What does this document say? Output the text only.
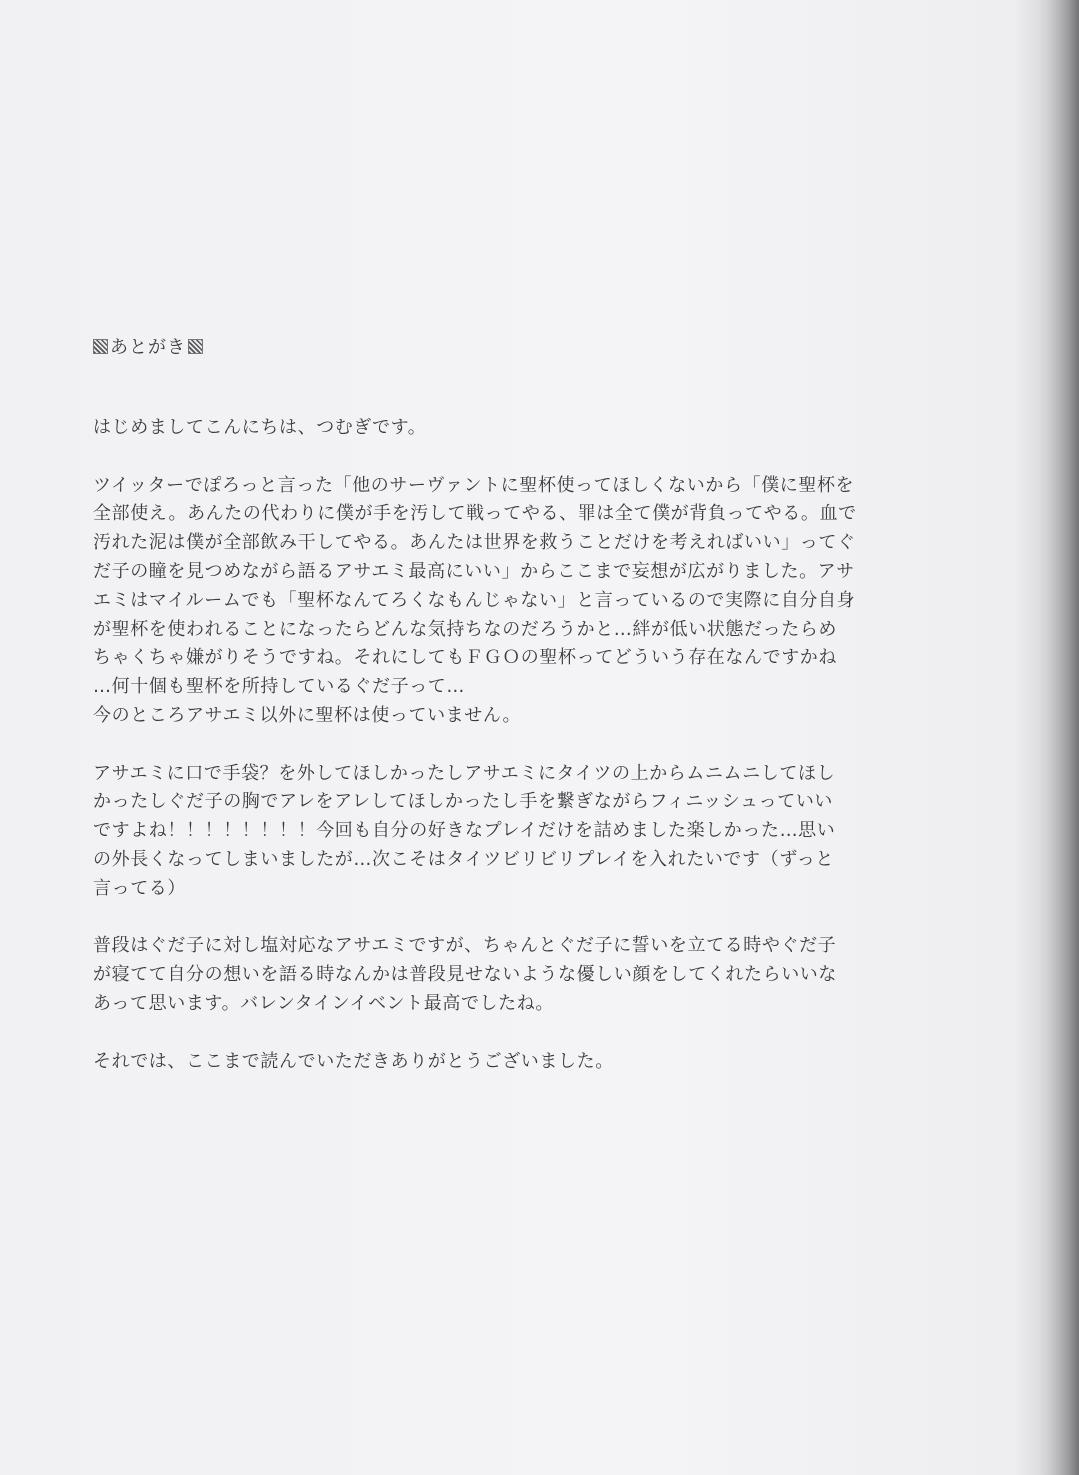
あとがき

はじめましてこんにちは、つむぎです。

ツイッターでぽろっと言った「他のサーヴァントに聖杯使ってほしくないから「僕に聖杯を
全部使え。あんたの代わりに僕が手を汚して戦ってやる、罪は全て僕が背負ってやる。血で
汚れた泥は僕が全部飲み干してやる。あんたは世界を救うことだけを考えればいい」ってぐ
だ子の瞳を見つめながら語るアサエミ最高にいい」からここまで妄想が広がりました。アサ
エミはマイルームでも「聖杯なんてろくなもんじゃない」と言っているので実際に自分自身
が聖杯を使われることになったらどんな気持ちなのだろうかと…絆が低い状態だったらめ
ちゃくちゃ嫌がりそうですね。それにしてもＦＧＯの聖杯ってどういう存在なんですかね
…何十個も聖杯を所持しているぐだ子って…
今のところアサエミ以外に聖杯は使っていません。

アサエミに口で手袋？を外してほしかったしアサエミにタイツの上からムニムニしてほし
かったしぐだ子の胸でアレをアレしてほしかったし手を繋ぎながらフィニッシュっていい
ですよね！！！！！！！！今回も自分の好きなプレイだけを詰めました楽しかった…思い
の外長くなってしまいましたが…次こそはタイツビリビリプレイを入れたいです（ずっと
言ってる）

普段はぐだ子に対し塩対応なアサエミですが、ちゃんとぐだ子に誓いを立てる時やぐだ子
が寝てて自分の想いを語る時なんかは普段見せないような優しい顔をしてくれたらいいな
あって思います。バレンタインイベント最高でしたね。

それでは、ここまで読んでいただきありがとうございました。
